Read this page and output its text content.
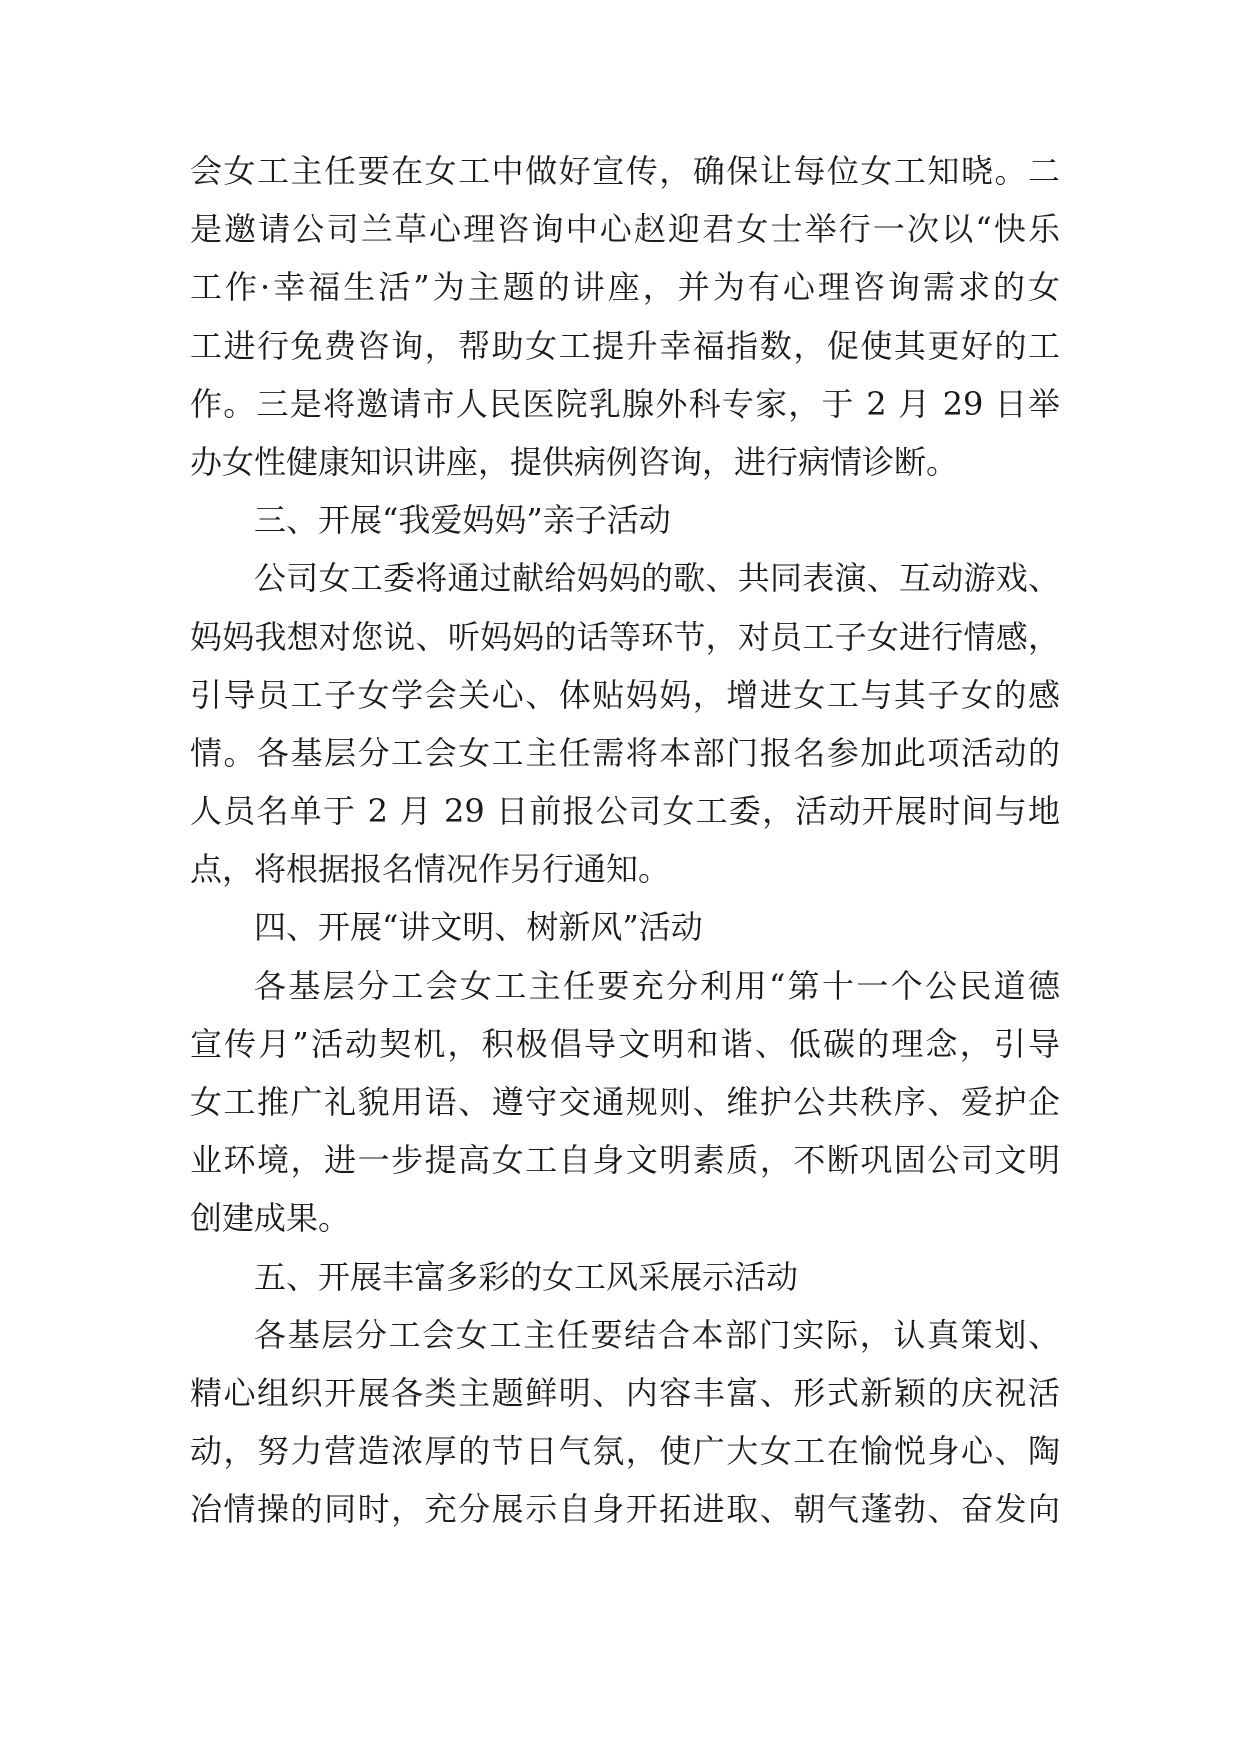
会女工主任要在女工中做好宣传，确保让每位女工知晓。二
是邀请公司兰草心理咨询中心赵迎君女士举行一次以“快乐
工作·幸福生活”为主题的讲座，并为有心理咨询需求的女
工进行免费咨询，帮助女工提升幸福指数，促使其更好的工
作。三是将邀请市人民医院乳腺外科专家，于 2 月 29 日举
办女性健康知识讲座，提供病例咨询，进行病情诊断。
三、开展“我爱妈妈”亲子活动
公司女工委将通过献给妈妈的歌、共同表演、互动游戏、
妈妈我想对您说、听妈妈的话等环节，对员工子女进行情感，
引导员工子女学会关心、体贴妈妈，增进女工与其子女的感
情。各基层分工会女工主任需将本部门报名参加此项活动的
人员名单于 2 月 29 日前报公司女工委，活动开展时间与地
点，将根据报名情况作另行通知。
四、开展“讲文明、树新风”活动
各基层分工会女工主任要充分利用“第十一个公民道德
宣传月”活动契机，积极倡导文明和谐、低碳的理念，引导
女工推广礼貌用语、遵守交通规则、维护公共秩序、爱护企
业环境，进一步提高女工自身文明素质，不断巩固公司文明
创建成果。
五、开展丰富多彩的女工风采展示活动
各基层分工会女工主任要结合本部门实际，认真策划、
精心组织开展各类主题鲜明、内容丰富、形式新颖的庆祝活
动，努力营造浓厚的节日气氛，使广大女工在愉悦身心、陶
冶情操的同时，充分展示自身开拓进取、朝气蓬勃、奋发向
